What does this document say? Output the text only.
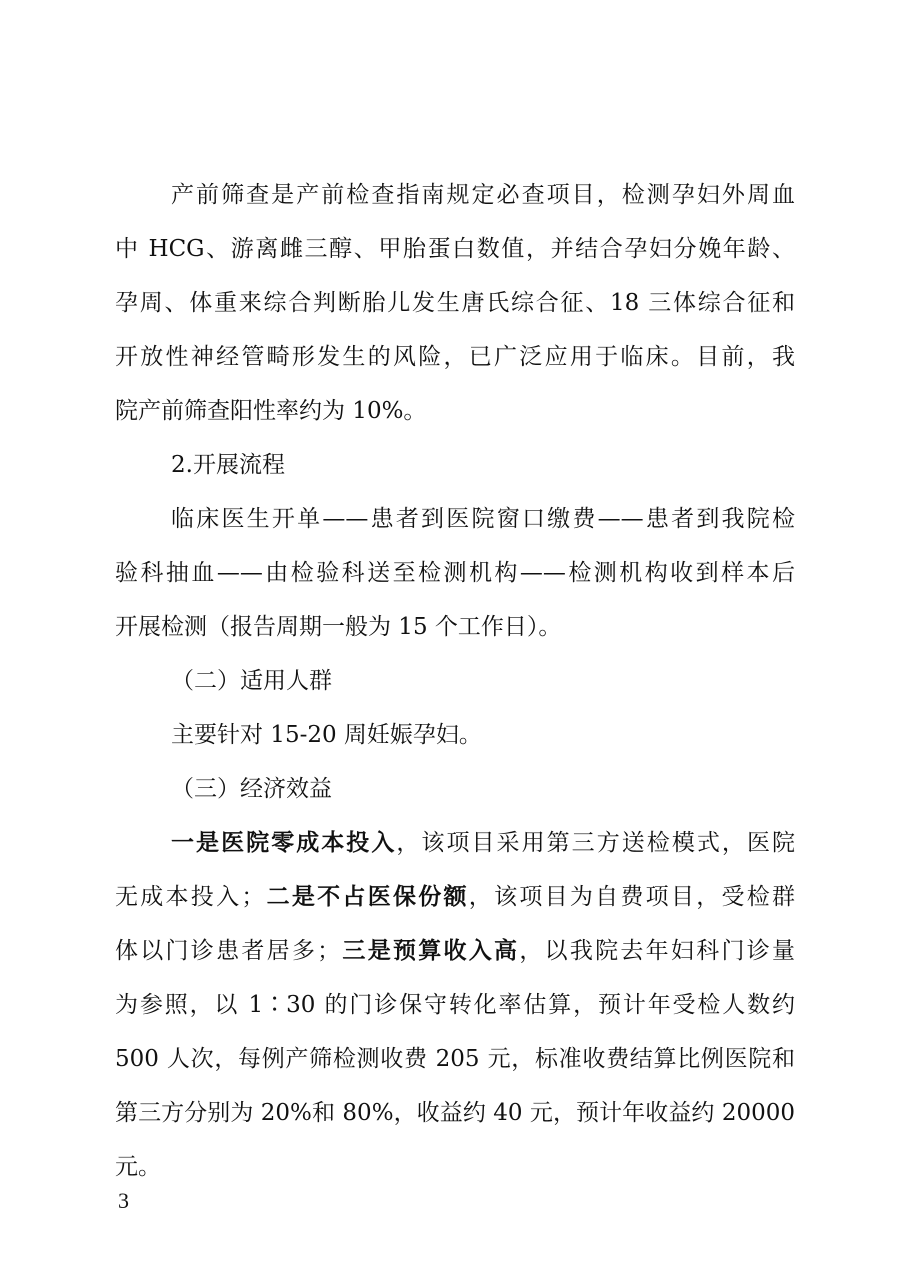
产前筛查是产前检查指南规定必查项目，检测孕妇外周血
中 HCG、游离雌三醇、甲胎蛋白数值，并结合孕妇分娩年龄、
孕周、体重来综合判断胎儿发生唐氏综合征、18 三体综合征和
开放性神经管畸形发生的风险，已广泛应用于临床。目前，我
院产前筛查阳性率约为 10%。
2.开展流程
临床医生开单——患者到医院窗口缴费——患者到我院检
验科抽血——由检验科送至检测机构——检测机构收到样本后
开展检测（报告周期一般为 15 个工作日）。
（二）适用人群
主要针对 15-20 周妊娠孕妇。
（三）经济效益
一是医院零成本投入，该项目采用第三方送检模式，医院
无成本投入；二是不占医保份额，该项目为自费项目，受检群
体以门诊患者居多；三是预算收入高，以我院去年妇科门诊量
为参照，以 1∶30 的门诊保守转化率估算，预计年受检人数约
500 人次，每例产筛检测收费 205 元，标准收费结算比例医院和
第三方分别为 20%和 80%，收益约 40 元，预计年收益约 20000
元。
3
